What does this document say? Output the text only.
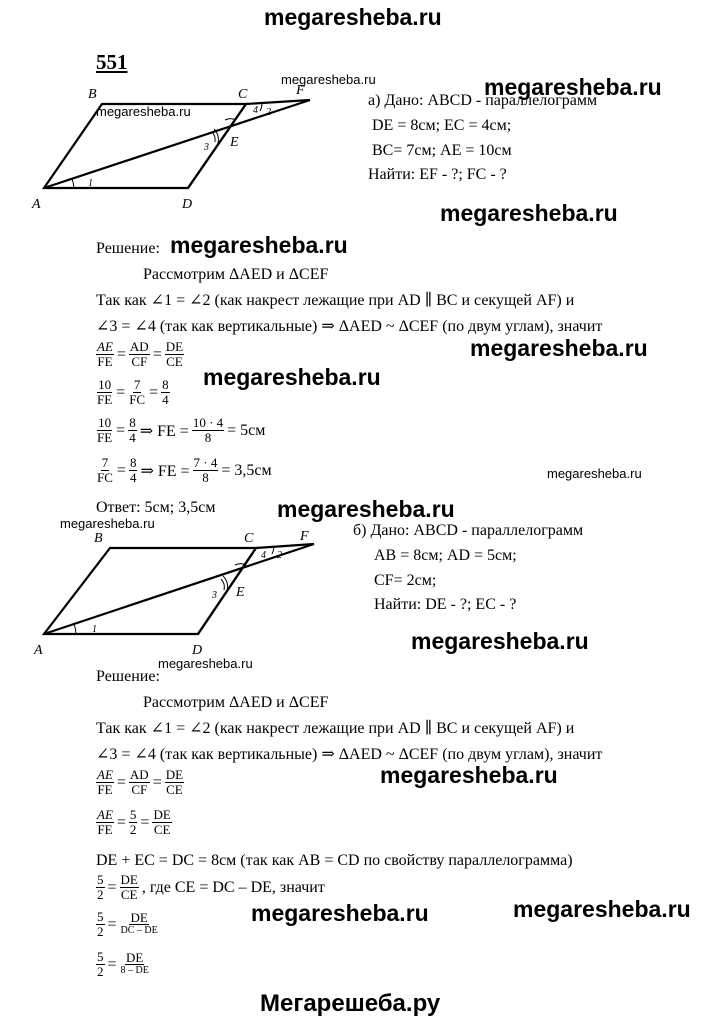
megaresheba.ru
551
megaresheba.ru	megaresheba.ru
megaresheba.ru
megaresheba.ru
megaresheba.ru
megaresheba.ru
megaresheba.ru
megaresheba.ru
megaresheba.ru
megaresheba.ru
megaresheba.ru
megaresheba.ru
megaresheba.ru
megaresheba.ru	megaresheba.ru
B	C	F
A	D
E
1
2
3
4
а) Дано: ABCD - параллелограмм
DE = 8см; EC = 4см;
BC= 7см; AE = 10см
Найти: EF - ?; FC - ?
Решение:
Рассмотрим ΔAED и ΔCEF
Так как ∠1 = ∠2 (как накрест лежащие при AD ∥ BC и секущей AF) и
∠3 = ∠4 (так как вертикальные) ⇒ ΔAED ~ ΔCEF (по двум углам), значит
$\frac{AE}{FE} = \frac{AD}{CF} = \frac{DE}{CE}$
$\frac{10}{FE} = \frac{7}{FC} = \frac{8}{4}$
$\frac{10}{FE} = \frac{8}{4}$ ⇒ FE = $\frac{10 \cdot 4}{8} = 5см$
$\frac{7}{FC} = \frac{8}{4}$ ⇒ FE = $\frac{7 \cdot 4}{8} = 3,5см$
Ответ: 5см; 3,5см
B	C	F
A	D
E
1
2
3
4
б) Дано: ABCD - параллелограмм
AB = 8см; AD = 5см;
CF= 2см;
Найти: DE - ?; EC - ?
Решение:
Рассмотрим ΔAED и ΔCEF
Так как ∠1 = ∠2 (как накрест лежащие при AD ∥ BC и секущей AF) и
∠3 = ∠4 (так как вертикальные) ⇒ ΔAED ~ ΔCEF (по двум углам), значит
$\frac{AE}{FE} = \frac{AD}{CF} = \frac{DE}{CE}$
$\frac{AE}{FE} = \frac{5}{2} = \frac{DE}{CE}$
DE + EC = DC = 8см (так как AB = CD по свойству параллелограмма)
$\frac{5}{2} = \frac{DE}{CE}$ , где CE = DC – DE, значит
$\frac{5}{2} = \frac{DE}{DC - DE}$
$\frac{5}{2} = \frac{DE}{8 - DE}$
Мегарешеба.ру
